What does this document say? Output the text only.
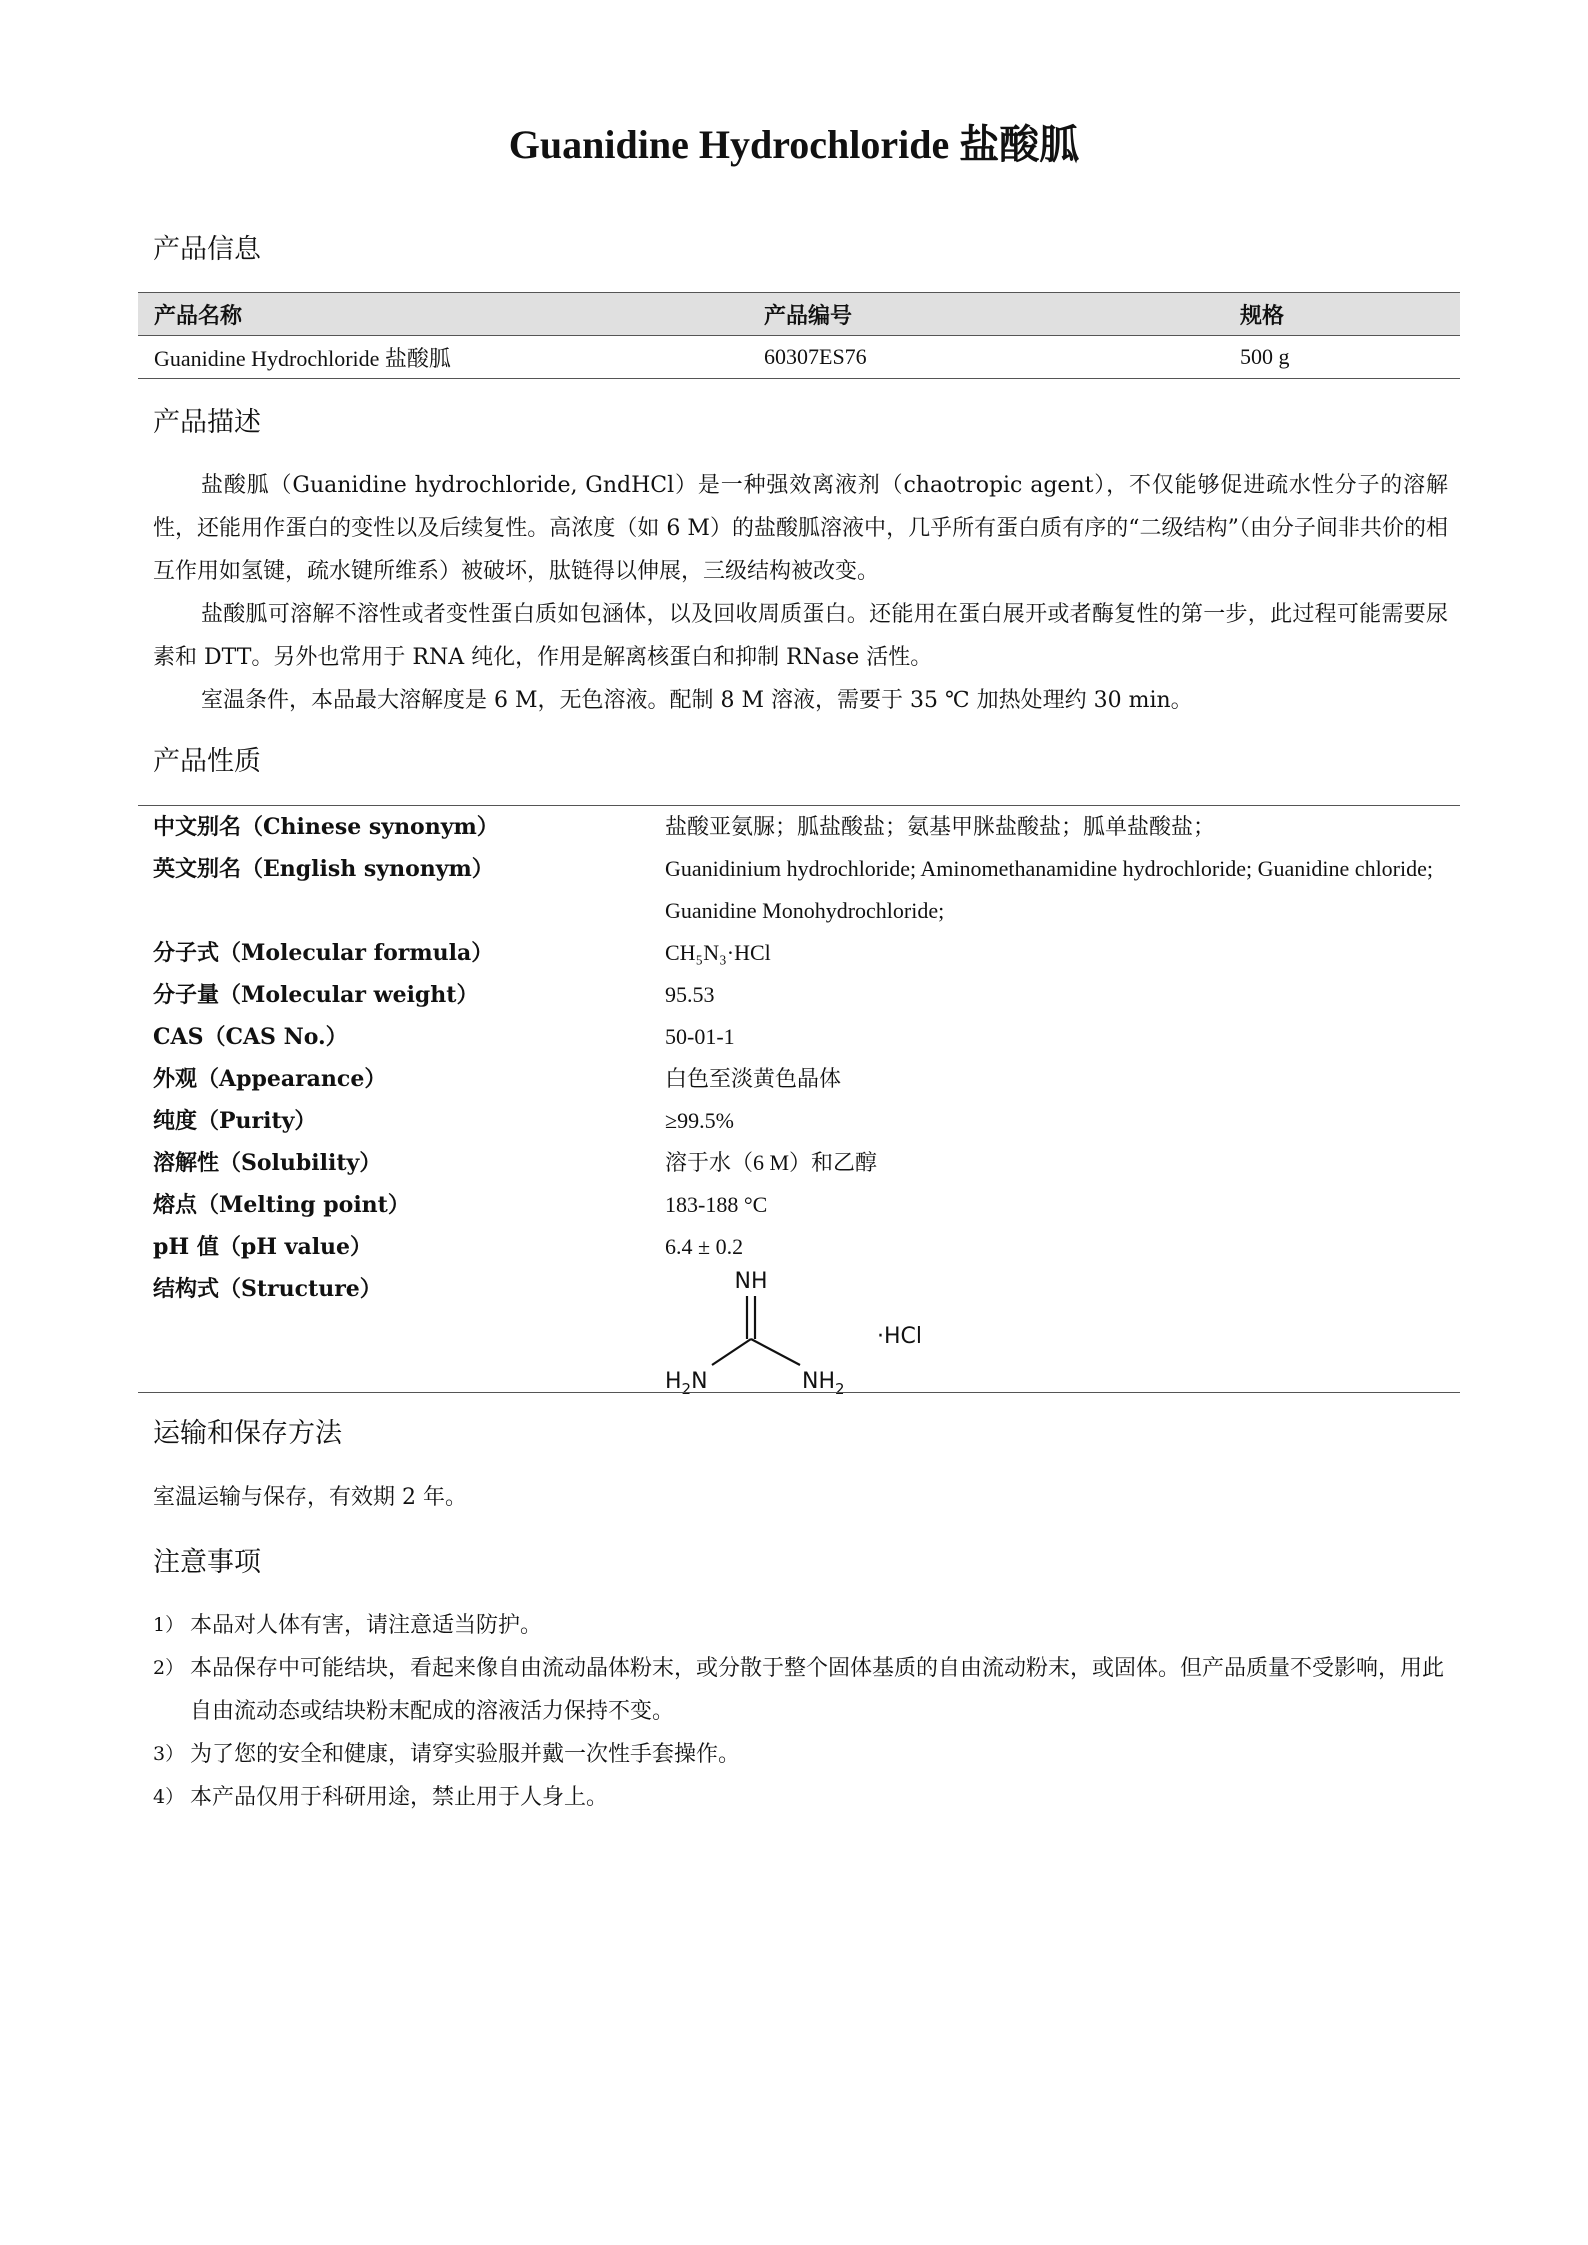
Guanidine Hydrochloride 盐酸胍
产品信息
产品名称	产品编号	规格
Guanidine Hydrochloride 盐酸胍	60307ES76	500 g
产品描述

盐酸胍（Guanidine hydrochloride, GndHCl）是一种强效离液剂（chaotropic agent），不仅能够促进疏水性分子的溶解性，还能用作蛋白的变性以及后续复性。高浓度（如 6 M）的盐酸胍溶液中，几乎所有蛋白质有序的“二级结构”（由分子间非共价的相互作用如氢键，疏水键所维系）被破坏，肽链得以伸展，三级结构被改变。

盐酸胍可溶解不溶性或者变性蛋白质如包涵体，以及回收周质蛋白。还能用在蛋白展开或者酶复性的第一步，此过程可能需要尿素和 DTT。另外也常用于 RNA 纯化，作用是解离核蛋白和抑制 RNase 活性。

室温条件，本品最大溶解度是 6 M，无色溶液。配制 8 M 溶液，需要于 35 ℃ 加热处理约 30 min。

产品性质
中文别名（Chinese synonym）	盐酸亚氨脲；胍盐酸盐；氨基甲脒盐酸盐；胍单盐酸盐；
英文别名（English synonym）	Guanidinium hydrochloride; Aminomethanamidine hydrochloride; Guanidine chloride; Guanidine Monohydrochloride;
分子式（Molecular formula）	CH₅N₃·HCl
分子量（Molecular weight）	95.53
CAS（CAS No.）	50-01-1
外观（Appearance）	白色至淡黄色晶体
纯度（Purity）	≥99.5%
溶解性（Solubility）	溶于水（6 M）和乙醇
熔点（Melting point）	183-188 °C
pH 值（pH value）	6.4 ± 0.2
结构式（Structure）	NH
$H_2N$	$NH_2$
·HCl
运输和保存方法
室温运输与保存，有效期 2 年。
注意事项
1） 本品对人体有害，请注意适当防护。
2） 本品保存中可能结块，看起来像自由流动晶体粉末，或分散于整个固体基质的自由流动粉末，或固体。但产品质量不受影响，用此自由流动态或结块粉末配成的溶液活力保持不变。
3） 为了您的安全和健康，请穿实验服并戴一次性手套操作。
4） 本产品仅用于科研用途，禁止用于人身上。
